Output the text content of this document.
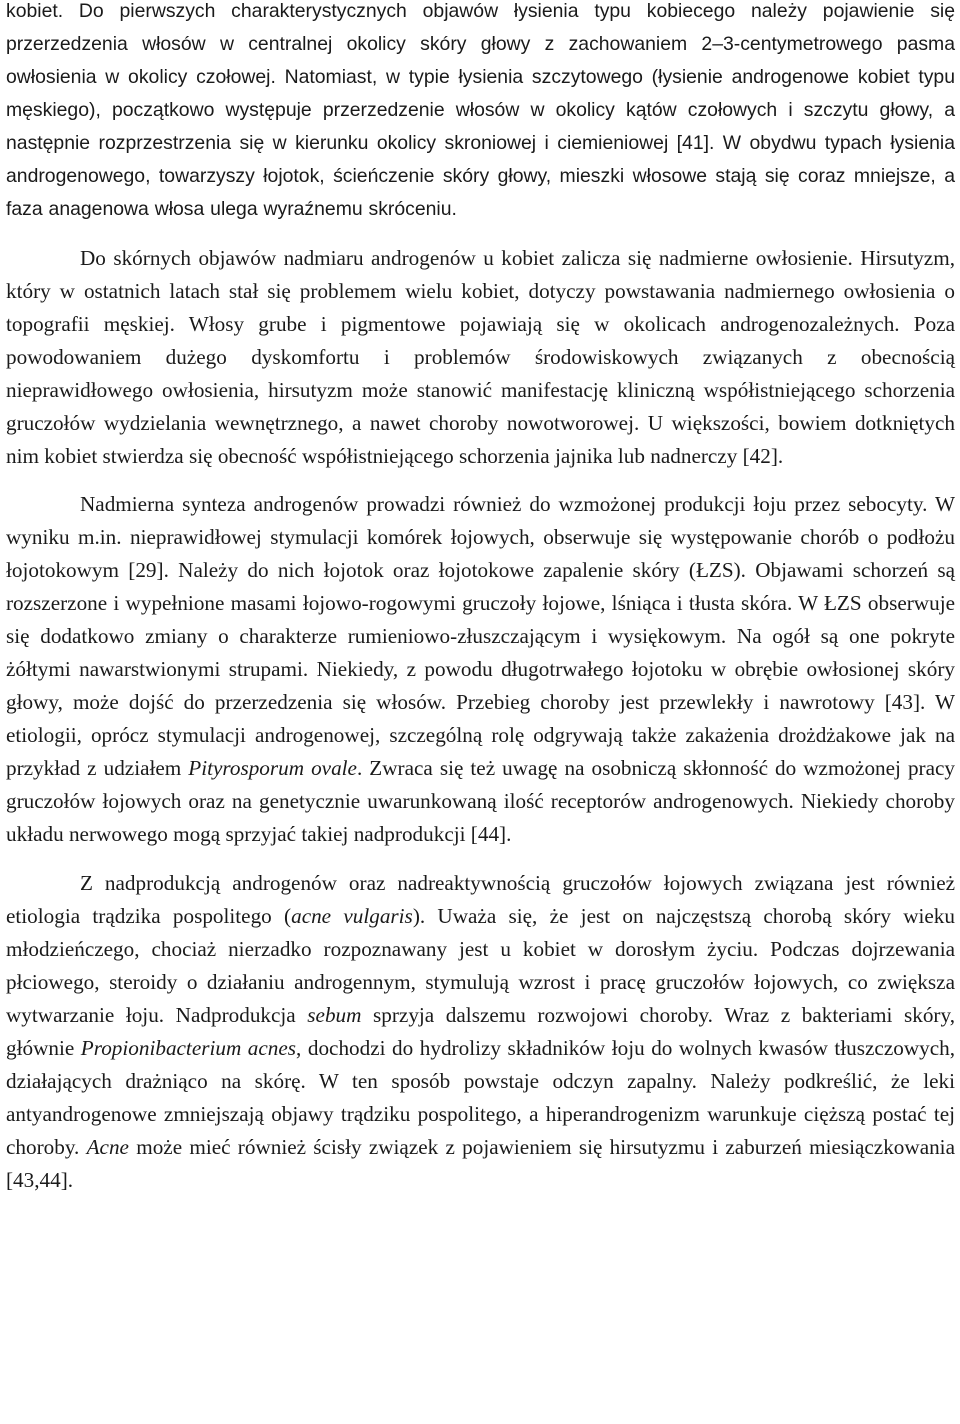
kobiet. Do pierwszych charakterystycznych objawów łysienia typu kobiecego należy pojawienie się przerzedzenia włosów w centralnej okolicy skóry głowy z zachowaniem 2–3-centymetrowego pasma owłosienia w okolicy czołowej. Natomiast, w typie łysienia szczytowego (łysienie androgenowe kobiet typu męskiego), początkowo występuje przerzedzenie włosów w okolicy kątów czołowych i szczytu głowy, a następnie rozprzestrzenia się w kierunku okolicy skroniowej i ciemieniowej [41]. W obydwu typach łysienia androgenowego, towarzyszy łojotok, ścieńczenie skóry głowy, mieszki włosowe stają się coraz mniejsze, a faza anagenowa włosa ulega wyraźnemu skróceniu.

Do skórnych objawów nadmiaru androgenów u kobiet zalicza się nadmierne owłosienie. Hirsutyzm, który w ostatnich latach stał się problemem wielu kobiet, dotyczy powstawania nadmiernego owłosienia o topografii męskiej. Włosy grube i pigmentowe pojawiają się w okolicach androgenozależnych. Poza powodowaniem dużego dyskomfortu i problemów środowiskowych związanych z obecnością nieprawidłowego owłosienia, hirsutyzm może stanowić manifestację kliniczną współistniejącego schorzenia gruczołów wydzielania wewnętrznego, a nawet choroby nowotworowej. U większości, bowiem dotkniętych nim kobiet stwierdza się obecność współistniejącego schorzenia jajnika lub nadnerczy [42].

Nadmierna synteza androgenów prowadzi również do wzmożonej produkcji łoju przez sebocyty. W wyniku m.in. nieprawidłowej stymulacji komórek łojowych, obserwuje się występowanie chorób o podłożu łojotokowym [29]. Należy do nich łojotok oraz łojotokowe zapalenie skóry (ŁZS). Objawami schorzeń są rozszerzone i wypełnione masami łojowo-rogowymi gruczoły łojowe, lśniąca i tłusta skóra. W ŁZS obserwuje się dodatkowo zmiany o charakterze rumieniowo-złuszczającym i wysiękowym. Na ogół są one pokryte żółtymi nawarstwionymi strupami. Niekiedy, z powodu długotrwałego łojotoku w obrębie owłosionej skóry głowy, może dojść do przerzedzenia się włosów. Przebieg choroby jest przewlekły i nawrotowy [43]. W etiologii, oprócz stymulacji androgenowej, szczególną rolę odgrywają także zakażenia drożdżakowe jak na przykład z udziałem Pityrosporum ovale. Zwraca się też uwagę na osobniczą skłonność do wzmożonej pracy gruczołów łojowych oraz na genetycznie uwarunkowaną ilość receptorów androgenowych. Niekiedy choroby układu nerwowego mogą sprzyjać takiej nadprodukcji [44].

Z nadprodukcją androgenów oraz nadreaktywnością gruczołów łojowych związana jest również etiologia trądzika pospolitego (acne vulgaris). Uważa się, że jest on najczęstszą chorobą skóry wieku młodzieńczego, chociaż nierzadko rozpoznawany jest u kobiet w dorosłym życiu. Podczas dojrzewania płciowego, steroidy o działaniu androgennym, stymulują wzrost i pracę gruczołów łojowych, co zwiększa wytwarzanie łoju. Nadprodukcja sebum sprzyja dalszemu rozwojowi choroby. Wraz z bakteriami skóry, głównie Propionibacterium acnes, dochodzi do hydrolizy składników łoju do wolnych kwasów tłuszczowych, działających drażniąco na skórę. W ten sposób powstaje odczyn zapalny. Należy podkreślić, że leki antyandrogenowe zmniejszają objawy trądziku pospolitego, a hiperandrogenizm warunkuje cięższą postać tej choroby. Acne może mieć również ścisły związek z pojawieniem się hirsutyzmu i zaburzeń miesiączkowania [43,44].
